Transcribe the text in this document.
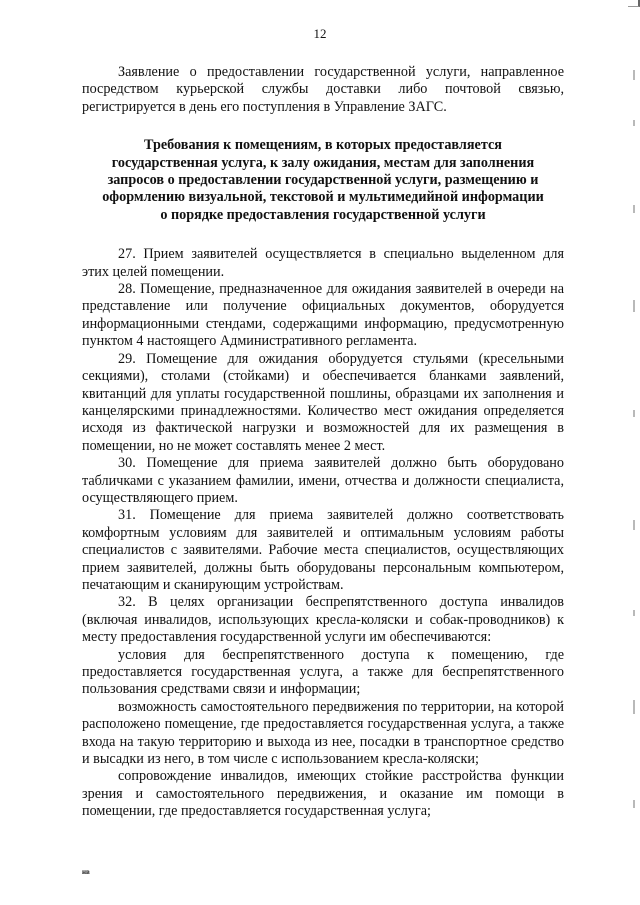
12

Заявление о предоставлении государственной услуги, направленное посредством курьерской службы доставки либо почтовой связью, регистрируется в день его поступления в Управление ЗАГС.

Требования к помещениям, в которых предоставляется
государственная услуга, к залу ожидания, местам для заполнения
запросов о предоставлении государственной услуги, размещению и
оформлению визуальной, текстовой и мультимедийной информации
о порядке предоставления государственной услуги

27. Прием заявителей осуществляется в специально выделенном для этих целей помещении.

28. Помещение, предназначенное для ожидания заявителей в очереди на представление или получение официальных документов, оборудуется информационными стендами, содержащими информацию, предусмотренную пунктом 4 настоящего Административного регламента.

29. Помещение для ожидания оборудуется стульями (кресельными секциями), столами (стойками) и обеспечивается бланками заявлений, квитанций для уплаты государственной пошлины, образцами их заполнения и канцелярскими принадлежностями. Количество мест ожидания определяется исходя из фактической нагрузки и возможностей для их размещения в помещении, но не может составлять менее 2 мест.

30. Помещение для приема заявителей должно быть оборудовано табличками с указанием фамилии, имени, отчества и должности специалиста, осуществляющего прием.

31. Помещение для приема заявителей должно соответствовать комфортным условиям для заявителей и оптимальным условиям работы специалистов с заявителями. Рабочие места специалистов, осуществляющих прием заявителей, должны быть оборудованы персональным компьютером, печатающим и сканирующим устройствам.

32. В целях организации беспрепятственного доступа инвалидов (включая инвалидов, использующих кресла-коляски и собак-проводников) к месту предоставления государственной услуги им обеспечиваются:

условия для беспрепятственного доступа к помещению, где предоставляется государственная услуга, а также для беспрепятственного пользования средствами связи и информации;

возможность самостоятельного передвижения по территории, на которой расположено помещение, где предоставляется государственная услуга, а также входа на такую территорию и выхода из нее, посадки в транспортное средство и высадки из него, в том числе с использованием кресла-коляски;

сопровождение инвалидов, имеющих стойкие расстройства функции зрения и самостоятельного передвижения, и оказание им помощи в помещении, где предоставляется государственная услуга;

нв
